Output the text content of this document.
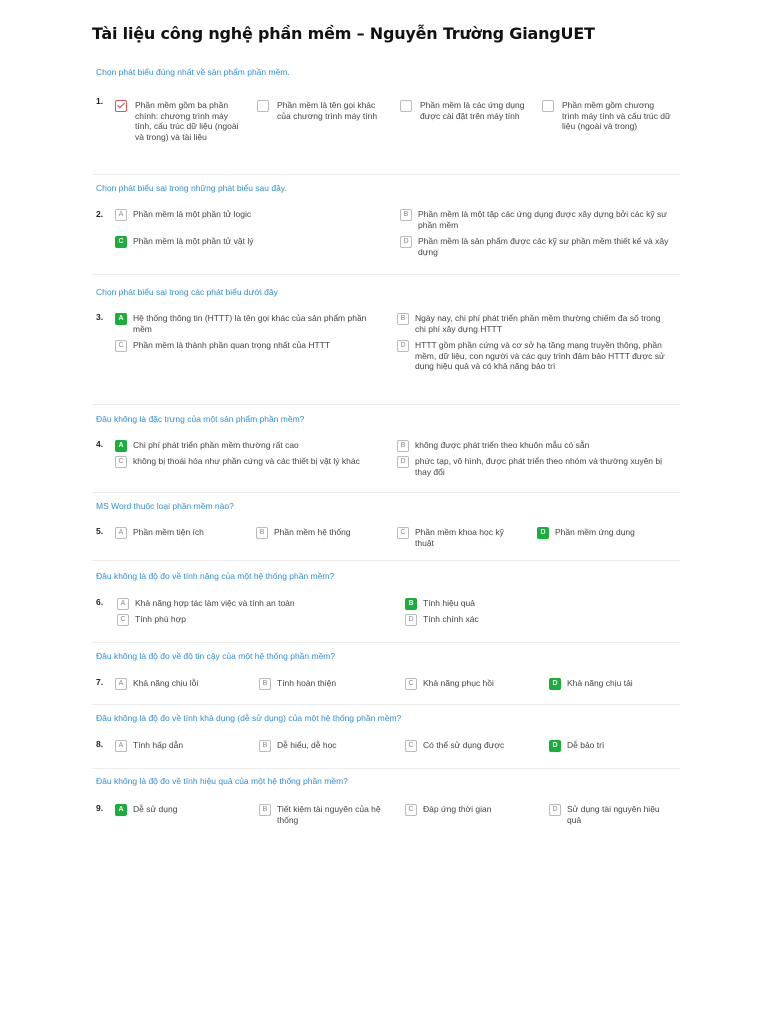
Tài liệu công nghệ phần mềm – Nguyễn Trường GiangUET
Chọn phát biểu đúng nhất về sản phẩm phần mềm.
1.	Phần mềm gồm ba phần chính: chương trình máy tính, cấu trúc dữ liệu (ngoài và trong) và tài liệu
Phần mềm là tên gọi khác của chương trình máy tính
Phần mềm là các ứng dụng được cài đặt trên máy tính
Phần mềm gồm chương trình máy tính và cấu trúc dữ liệu (ngoài và trong)
Chọn phát biểu sai trong những phát biểu sau đây.
2.	A	Phần mềm là một phần tử logic	B	Phần mềm là một tập các ứng dụng được xây dựng bởi các kỹ sư phần mềm
C	Phần mềm là một phần tử vật lý	D	Phần mềm là sản phẩm được các kỹ sư phần mềm thiết kế và xây dựng
Chọn phát biểu sai trong các phát biểu dưới đây
3.	A	Hệ thống thông tin (HTTT) là tên gọi khác của sản phẩm phần mềm
B	Ngày nay, chi phí phát triển phần mềm thường chiếm đa số trong chi phí xây dựng HTTT
C	Phần mềm là thành phần quan trọng nhất của HTTT	D	HTTT gồm phần cứng và cơ sở hạ tầng mạng truyền thông, phần mềm, dữ liệu, con người và các quy trình đảm bảo HTTT được sử dụng hiệu quả và có khả năng bảo trì
Đâu không là đặc trưng của một sản phẩm phần mềm?
4.	A	Chi phí phát triển phần mềm thường rất cao	B	không được phát triển theo khuôn mẫu có sẵn
C	không bị thoái hóa như phần cứng và các thiết bị vật lý khác	D	phức tạp, vô hình, được phát triển theo nhóm và thường xuyên bị thay đổi
MS Word thuộc loại phần mềm nào?
5.	A	Phần mềm tiện ích	B	Phần mềm hệ thống	C	Phần mềm khoa học kỹ thuật
D	Phần mềm ứng dụng
Đâu không là độ đo về tính năng của một hệ thống phần mềm?
6.	A	Khả năng hợp tác làm việc và tính an toàn	B	Tính hiệu quả
C	Tính phù hợp	D	Tính chính xác
Đâu không là độ đo về độ tin cậy của một hệ thống phần mềm?
7.	A	Khả năng chịu lỗi	B	Tính hoàn thiện	C	Khả năng phục hồi	D	Khả năng chịu tải
Đâu không là độ đo về tính khả dụng (dễ sử dụng) của một hệ thống phần mềm?
8.	A	Tính hấp dẫn	B	Dễ hiểu, dễ học	C	Có thể sử dụng được	D	Dễ bảo trì
Đâu không là độ đo về tính hiệu quả của một hệ thống phần mềm?
9.	A	Dễ sử dụng	B	Tiết kiệm tài nguyên của hệ thống
C	Đáp ứng thời gian	D	Sử dụng tài nguyên hiệu quả
